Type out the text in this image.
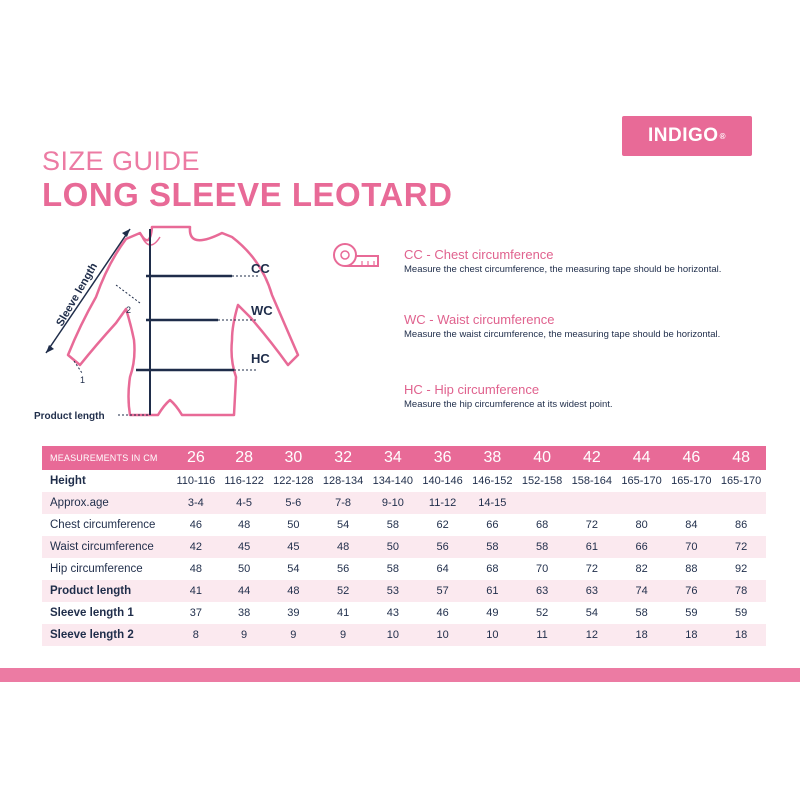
INDIGO ®
SIZE GUIDE
LONG SLEEVE LEOTARD
Sleeve length	2
1
CC
WC
HC
Product length
CC - Chest circumference
Measure the chest circumference, the measuring tape should be horizontal.
WC - Waist circumference
Measure the waist circumference, the measuring tape should be horizontal.
HC - Hip circumference
Measure the hip circumference at its widest point.
MEASUREMENTS IN CM	26	28	30	32	34	36	38	40	42	44	46	48
Height	110-116	116-122	122-128	128-134	134-140	140-146	146-152	152-158	158-164	165-170	165-170	165-170
Approx.age	3-4	4-5	5-6	7-8	9-10	11-12	14-15					
Chest circumference	46	48	50	54	58	62	66	68	72	80	84	86
Waist circumference	42	45	45	48	50	56	58	58	61	66	70	72
Hip circumference	48	50	54	56	58	64	68	70	72	82	88	92
Product length	41	44	48	52	53	57	61	63	63	74	76	78
Sleeve length 1	37	38	39	41	43	46	49	52	54	58	59	59
Sleeve length 2	8	9	9	9	10	10	10	11	12	18	18	18
